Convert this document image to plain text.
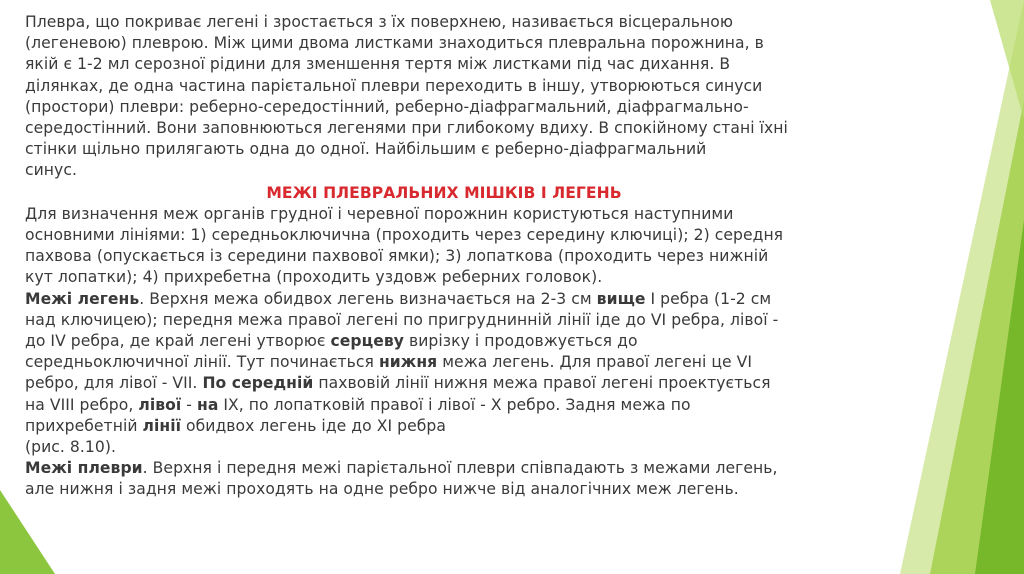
Плевра, що покриває легені і зростається з їх поверхнею, називається вісцеральною
(легеневою) плеврою. Між цими двома листками знаходиться плевральна порожнина, в
якій є 1-2 мл серозної рідини для зменшення тертя між листками під час дихання. В
ділянках, де одна частина парієтальної плеври переходить в іншу, утворюються синуси
(простори) плеври: реберно-середостінний, реберно-діафрагмальний, діафрагмально-
середостінний. Вони заповнюються легенями при глибокому вдиху. В спокійному стані їхні
стінки щільно прилягають одна до одної. Найбільшим є реберно-діафрагмальний
синус.

МЕЖІ ПЛЕВРАЛЬНИХ МІШКІВ І ЛЕГЕНЬ

Для визначення меж органів грудної і черевної порожнин користуються наступними
основними лініями: 1) середньоключична (проходить через середину ключиці); 2) середня
пахвова (опускається із середини пахвової ямки); 3) лопаткова (проходить через нижній
кут лопатки); 4) прихребетна (проходить уздовж реберних головок).

Межі легень. Верхня межа обидвох легень визначається на 2-3 см вище І ребра (1-2 см
над ключицею); передня межа правої легені по пригруднинній лінії іде до VI ребра, лівої -
до IV ребра, де край легені утворює серцеву вирізку і продовжується до
середньоключичної лінії. Тут починається нижня межа легень. Для правої легені це VI
ребро, для лівої - VII. По середній пахвовій лінії нижня межа правої легені проектується
на VIII ребро, лівої - на IX, по лопатковій правої і лівої - X ребро. Задня межа по
прихребетній лінії обидвох легень іде до XI ребра
(рис. 8.10).

Межі плеври. Верхня і передня межі парієтальної плеври співпадають з межами легень,
але нижня і задня межі проходять на одне ребро нижче від аналогічних меж легень.
